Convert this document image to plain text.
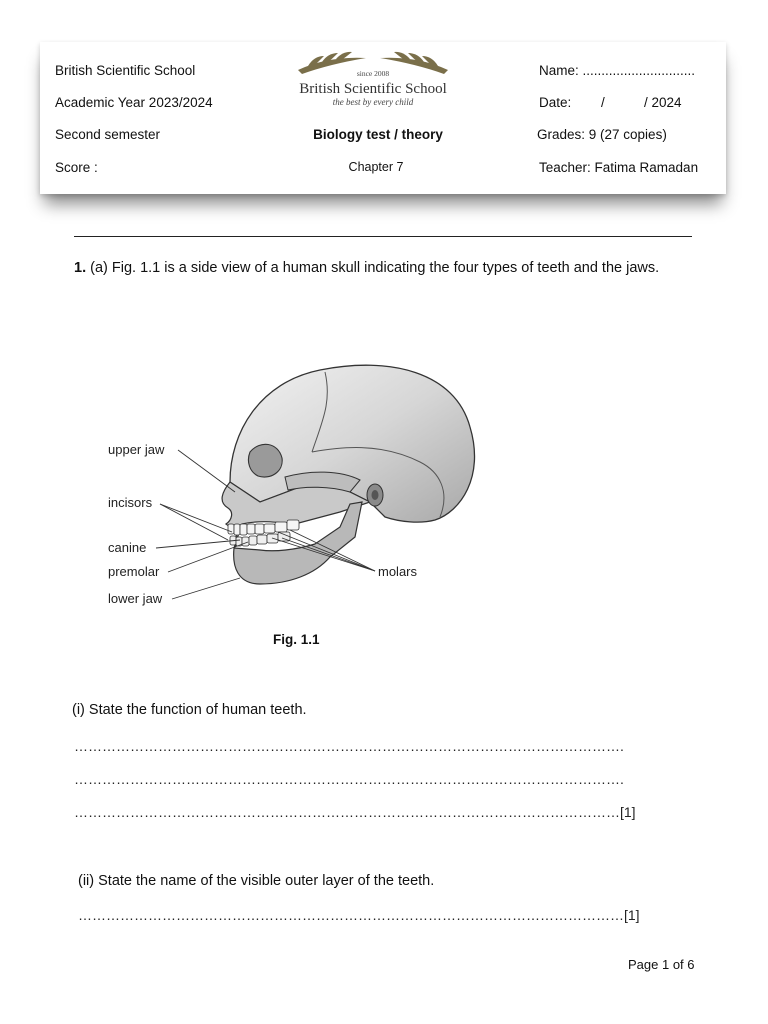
British Scientific School
Academic Year 2023/2024
Second semester
Score :
since 2008
British Scientific School
the best by every child
Biology test / theory
Chapter 7
Name: ..............................
Date: /	/ 2024
Grades: 9 (27 copies)
Teacher: Fatima Ramadan
1. (a) Fig. 1.1 is a side view of a human skull indicating the four types of teeth and the jaws.
upper jaw
incisors
canine
premolar
lower jaw
molars
Fig. 1.1
(i) State the function of human teeth.
……………………………………………………………………………………………………….
……………………………………………………………………………………………………….
………………………………………………………………………………………………………[1]
(ii) State the name of the visible outer layer of the teeth.
………………………………………………………………………………………………………[1]
Page 1 of 6
